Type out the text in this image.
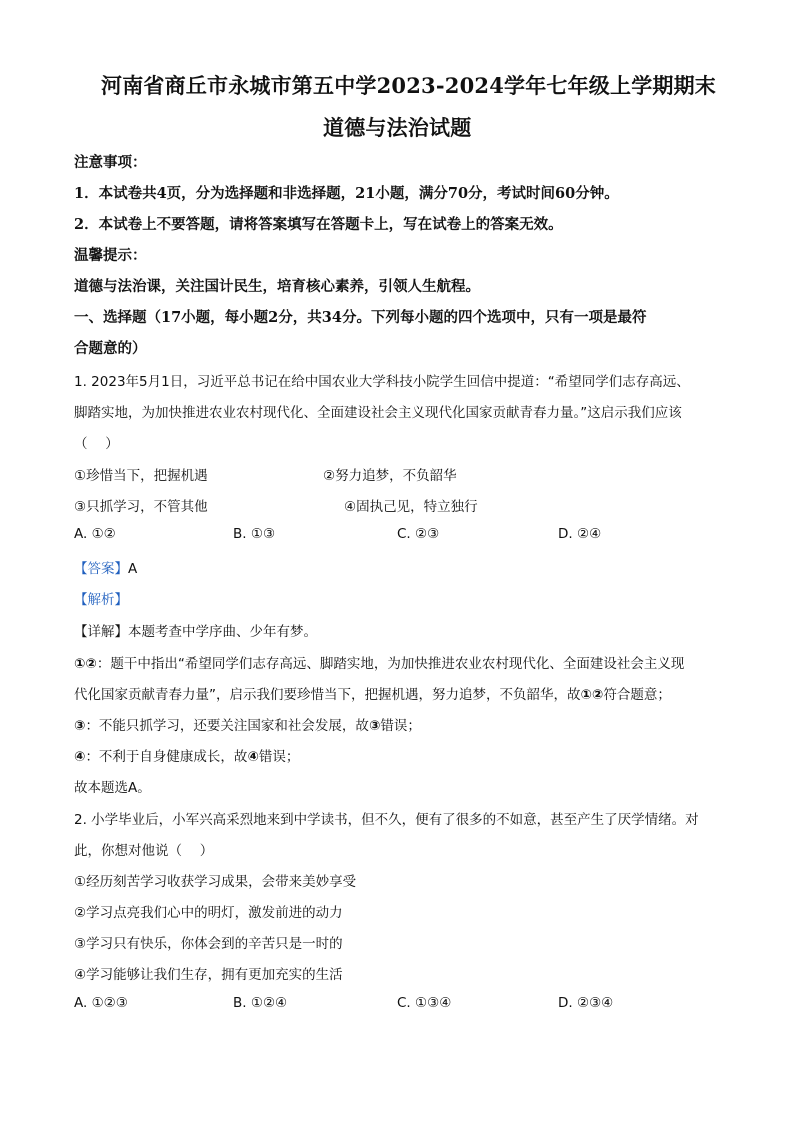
河南省商丘市永城市第五中学2023-2024学年七年级上学期期末
道德与法治试题
注意事项：
1．本试卷共4页，分为选择题和非选择题，21小题，满分70分，考试时间60分钟。
2．本试卷上不要答题，请将答案填写在答题卡上，写在试卷上的答案无效。
温馨提示：
道德与法治课，关注国计民生，培育核心素养，引领人生航程。
一、选择题（17小题，每小题2分，共34分。下列每小题的四个选项中，只有一项是最符
合题意的）
1. 2023年5月1日，习近平总书记在给中国农业大学科技小院学生回信中提道：“希望同学们志存高远、
脚踏实地，为加快推进农业农村现代化、全面建设社会主义现代化国家贡献青春力量。”这启示我们应该
（　 ）
①珍惜当下，把握机遇	②努力追梦，不负韶华
③只抓学习，不管其他	④固执己见，特立独行
A. ①②	B. ①③	C. ②③	D. ②④
【答案】A
【解析】
【详解】本题考查中学序曲、少年有梦。
①②：题干中指出“希望同学们志存高远、脚踏实地，为加快推进农业农村现代化、全面建设社会主义现
代化国家贡献青春力量”，启示我们要珍惜当下，把握机遇，努力追梦，不负韶华，故①②符合题意；
③：不能只抓学习，还要关注国家和社会发展，故③错误；
④：不利于自身健康成长，故④错误；
故本题选A。
2. 小学毕业后，小军兴高采烈地来到中学读书，但不久，便有了很多的不如意，甚至产生了厌学情绪。对
此，你想对他说（　 ）
①经历刻苦学习收获学习成果，会带来美妙享受
②学习点亮我们心中的明灯，激发前进的动力
③学习只有快乐，你体会到的辛苦只是一时的
④学习能够让我们生存，拥有更加充实的生活
A. ①②③	B. ①②④	C. ①③④	D. ②③④
